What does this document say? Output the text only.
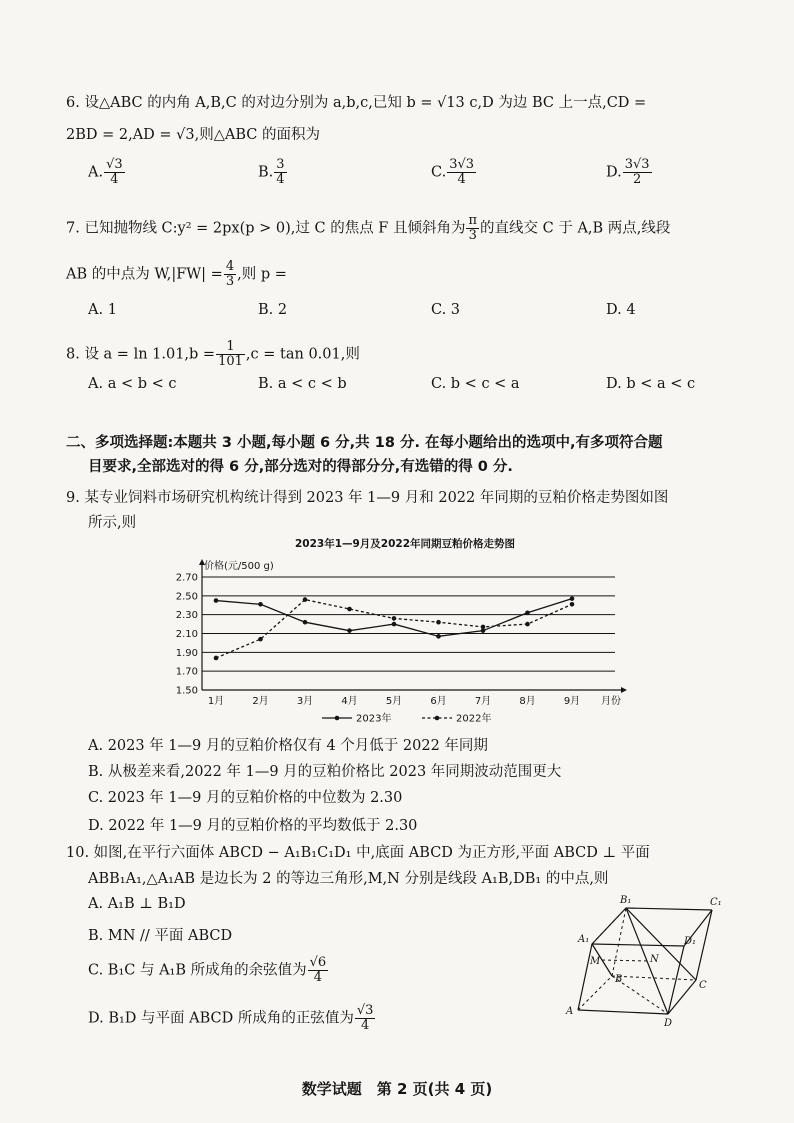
6. 设△ABC 的内角 A,B,C 的对边分别为 a,b,c,已知 b = √13 c,D 为边 BC 上一点,CD =
2BD = 2,AD = √3,则△ABC 的面积为
A. $\frac{√3}{4}$	B. $\frac{3}{4}$	C. $\frac{3√3}{4}$	D. $\frac{3√3}{2}$
7. 已知抛物线 C:y² = 2px(p > 0),过 C 的焦点 F 且倾斜角为 $\frac{\pi}{3}$ 的直线交 C 于 A,B 两点,线段
AB 的中点为 $W,|FW| = \frac{4}{3}$ ,则 p =
A. 1	B. 2	C. 3	D. 4
8. 设 $a = \ln 1.01,b = \frac{1}{101} ,c = \tan 0.01$,则
A. a < b < c	B. a < c < b	C. b < c < a	D. b < a < c
二、多项选择题:本题共 3 小题,每小题 6 分,共 18 分. 在每小题给出的选项中,有多项符合题
目要求,全部选对的得 6 分,部分选对的得部分分,有选错的得 0 分.
9. 某专业饲料市场研究机构统计得到 2023 年 1—9 月和 2022 年同期的豆粕价格走势图如图
所示,则
2023年1—9月及2022年同期豆粕价格走势图
价格(元/500 g)
2.70
2.50
2.30
2.10
1.90
1.70
1.50
1月	2月	3月	4月	5月	6月	7月	8月	9月 月份
2023年	2022年
A. 2023 年 1—9 月的豆粕价格仅有 4 个月低于 2022 年同期
B. 从极差来看,2022 年 1—9 月的豆粕价格比 2023 年同期波动范围更大
C. 2023 年 1—9 月的豆粕价格的中位数为 2.30
D. 2022 年 1—9 月的豆粕价格的平均数低于 2.30
10. 如图,在平行六面体 ABCD − A₁B₁C₁D₁ 中,底面 ABCD 为正方形,平面 ABCD ⊥ 平面
ABB₁A₁,△A₁AB 是边长为 2 的等边三角形,M,N 分别是线段 A₁B,DB₁ 的中点,则
A. A₁B ⊥ B₁D
B. MN // 平面 ABCD
C. B₁C 与 A₁B 所成角的余弦值为 $\frac{√6}{4}$
D. B₁D 与平面 ABCD 所成角的正弦值为 $\frac{√3}{4}$
B₁	C₁
A₁	D₁
M	N
B
C
A
D
数学试题　第 2 页(共 4 页)
